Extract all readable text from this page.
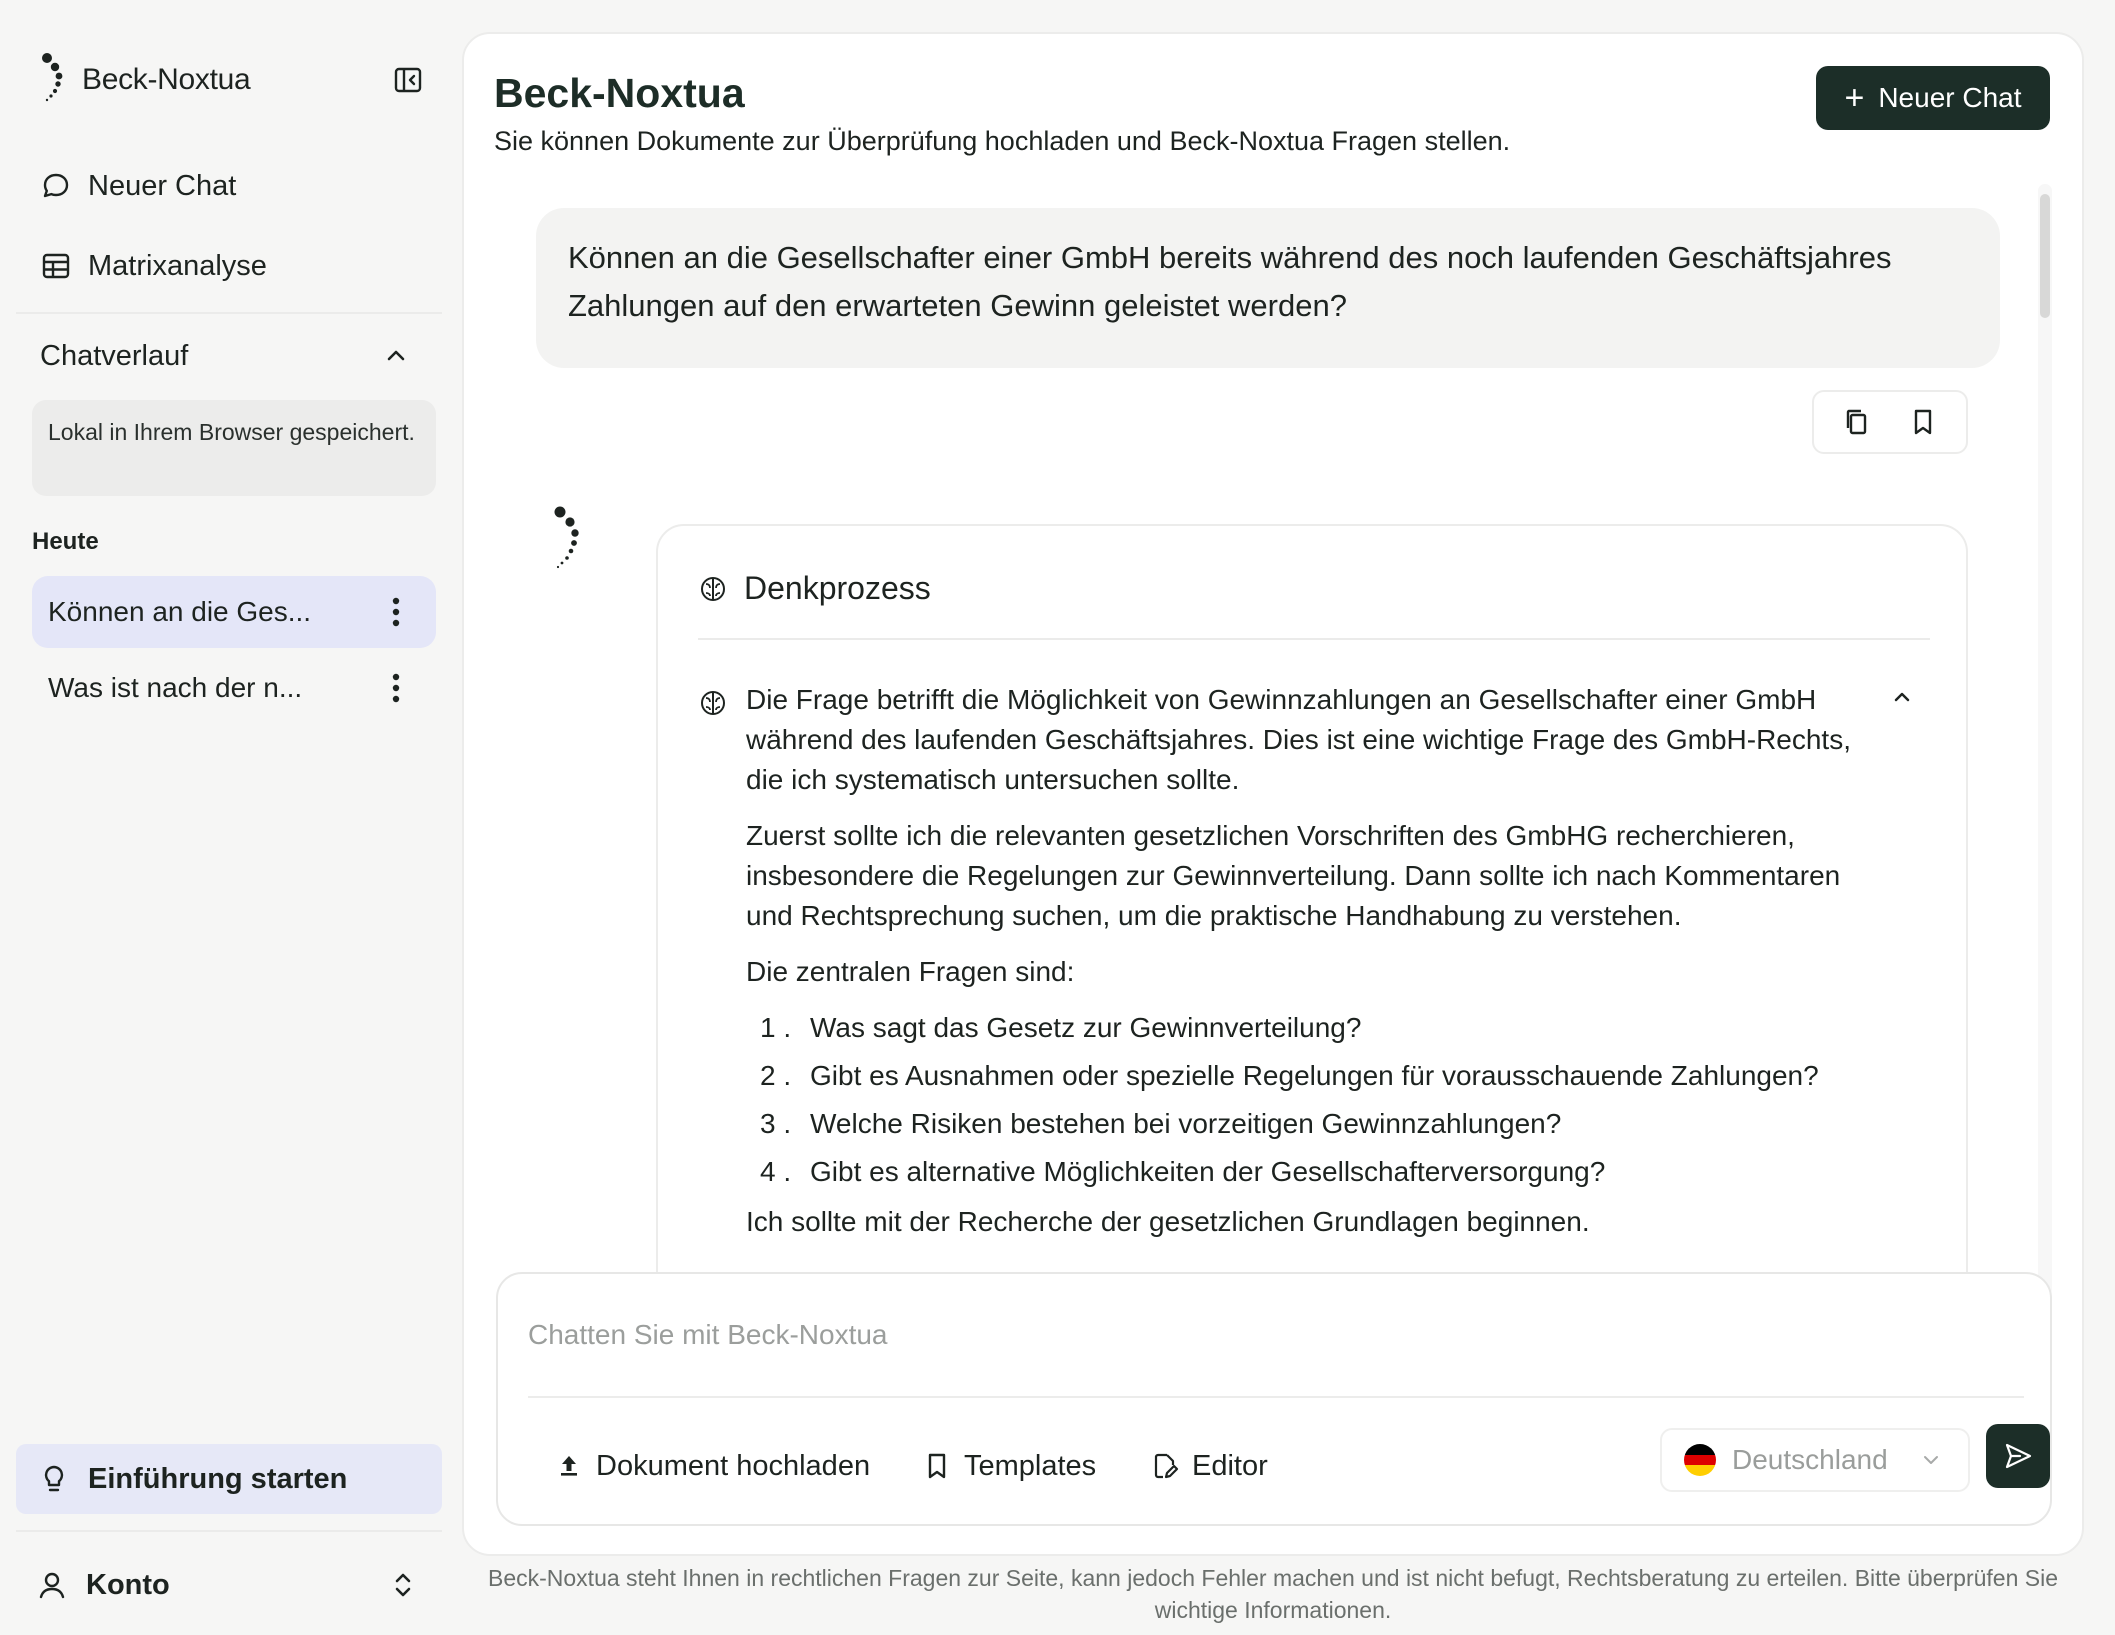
Beck-Noxtua
Neuer Chat
Matrixanalyse
Chatverlauf
Lokal in Ihrem Browser gespeichert.
Heute
Können an die Ges...
Was ist nach der n...
Einführung starten
Konto
Beck-Noxtua
Sie können Dokumente zur Überprüfung hochladen und Beck-Noxtua Fragen stellen.
+ Neuer Chat
Können an die Gesellschafter einer GmbH bereits während des noch laufenden Geschäftsjahres Zahlungen auf den erwarteten Gewinn geleistet werden?
Denkprozess

Die Frage betrifft die Möglichkeit von Gewinnzahlungen an Gesellschafter einer GmbH während des laufenden Geschäftsjahres. Dies ist eine wichtige Frage des GmbH-Rechts, die ich systematisch untersuchen sollte.

Zuerst sollte ich die relevanten gesetzlichen Vorschriften des GmbHG recherchieren, insbesondere die Regelungen zur Gewinnverteilung. Dann sollte ich nach Kommentaren und Rechtsprechung suchen, um die praktische Handhabung zu verstehen.

Die zentralen Fragen sind:

1 . Was sagt das Gesetz zur Gewinnverteilung?
2 . Gibt es Ausnahmen oder spezielle Regelungen für vorausschauende Zahlungen?
3 . Welche Risiken bestehen bei vorzeitigen Gewinnzahlungen?
4 . Gibt es alternative Möglichkeiten der Gesellschafterversorgung?

Ich sollte mit der Recherche der gesetzlichen Grundlagen beginnen.

Chatten Sie mit Beck-Noxtua
Dokument hochladen	Templates	Editor	Deutschland
Beck-Noxtua steht Ihnen in rechtlichen Fragen zur Seite, kann jedoch Fehler machen und ist nicht befugt, Rechtsberatung zu erteilen. Bitte überprüfen Sie wichtige Informationen.
